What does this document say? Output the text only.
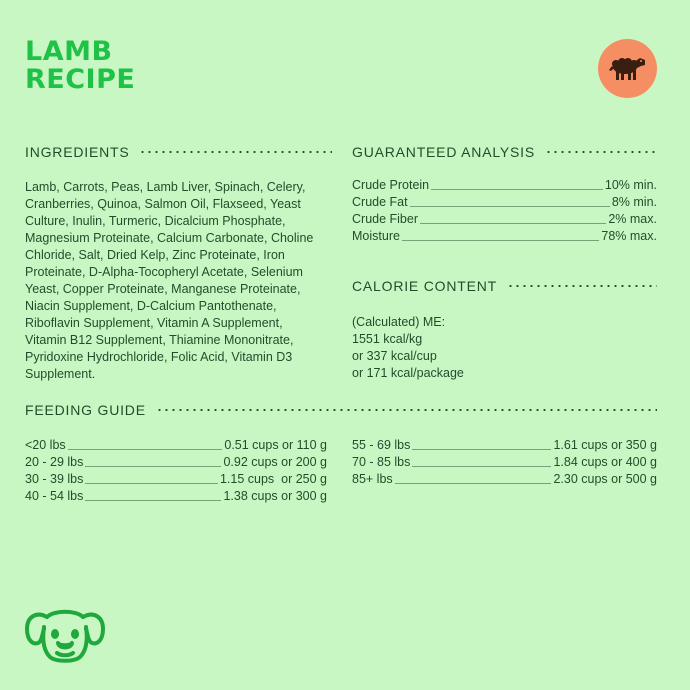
LAMB
RECIPE
INGREDIENTS
Lamb, Carrots, Peas, Lamb Liver, Spinach, Celery, Cranberries, Quinoa, Salmon Oil, Flaxseed, Yeast Culture, Inulin, Turmeric, Dicalcium Phosphate, Magnesium Proteinate, Calcium Carbonate, Choline Chloride, Salt, Dried Kelp, Zinc Proteinate, Iron Proteinate, D-Alpha-Tocopheryl Acetate, Selenium Yeast, Copper Proteinate, Manganese Proteinate, Niacin Supplement, D-Calcium Pantothenate, Riboflavin Supplement, Vitamin A Supplement, Vitamin B12 Supplement, Thiamine Mononitrate, Pyridoxine Hydrochloride, Folic Acid, Vitamin D3 Supplement.
GUARANTEED ANALYSIS
Crude Protein	10% min.
Crude Fat	8% min.
Crude Fiber	2% max.
Moisture	78% max.
CALORIE CONTENT
(Calculated) ME:
1551 kcal/kg
or 337 kcal/cup
or 171 kcal/package
FEEDING GUIDE
<20 lbs	0.51 cups or 110 g
20 - 29 lbs	0.92 cups or 200 g
30 - 39 lbs	1.15 cups  or 250 g
40 - 54 lbs	1.38 cups or 300 g
55 - 69 lbs	1.61 cups or 350 g
70 - 85 lbs	1.84 cups or 400 g
85+ lbs	2.30 cups or 500 g
